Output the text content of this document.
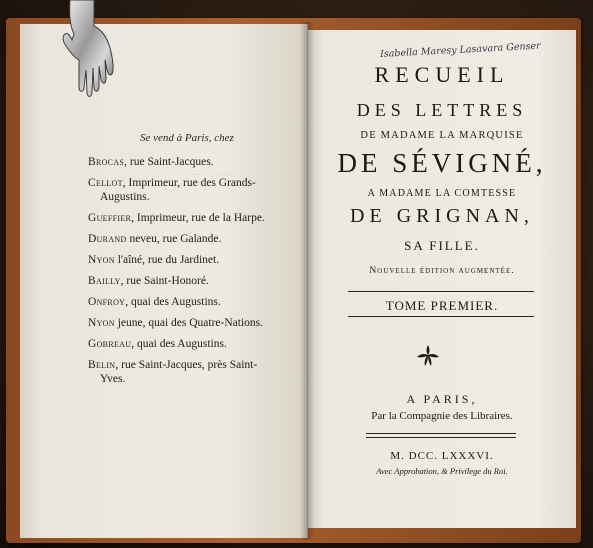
— · —
Se vend à Paris, chez
Brocas, rue Saint-Jacques.
Cellot, Imprimeur, rue des Grands-
Augustins.
Gueffier, Imprimeur, rue de la Harpe.
Durand neveu, rue Galande.
Nyon l'aîné, rue du Jardinet.
Bailly, rue Saint-Honoré.
Onfroy, quai des Augustins.
Nyon jeune, quai des Quatre-Nations.
Gobreau, quai des Augustins.
Belin, rue Saint-Jacques, près Saint-
Yves.
Isabella Maresy Lasavara Genser
RECUEIL
DES LETTRES
DE MADAME LA MARQUISE
DE SÉVIGNÉ,
A MADAME LA COMTESSE
DE GRIGNAN,
SA FILLE.
Nouvelle édition augmentée.
TOME PREMIER.
A PARIS,
Par la Compagnie des Libraires.
M. DCC. LXXXVI.
Avec Approbation, & Privilege du Roi.
